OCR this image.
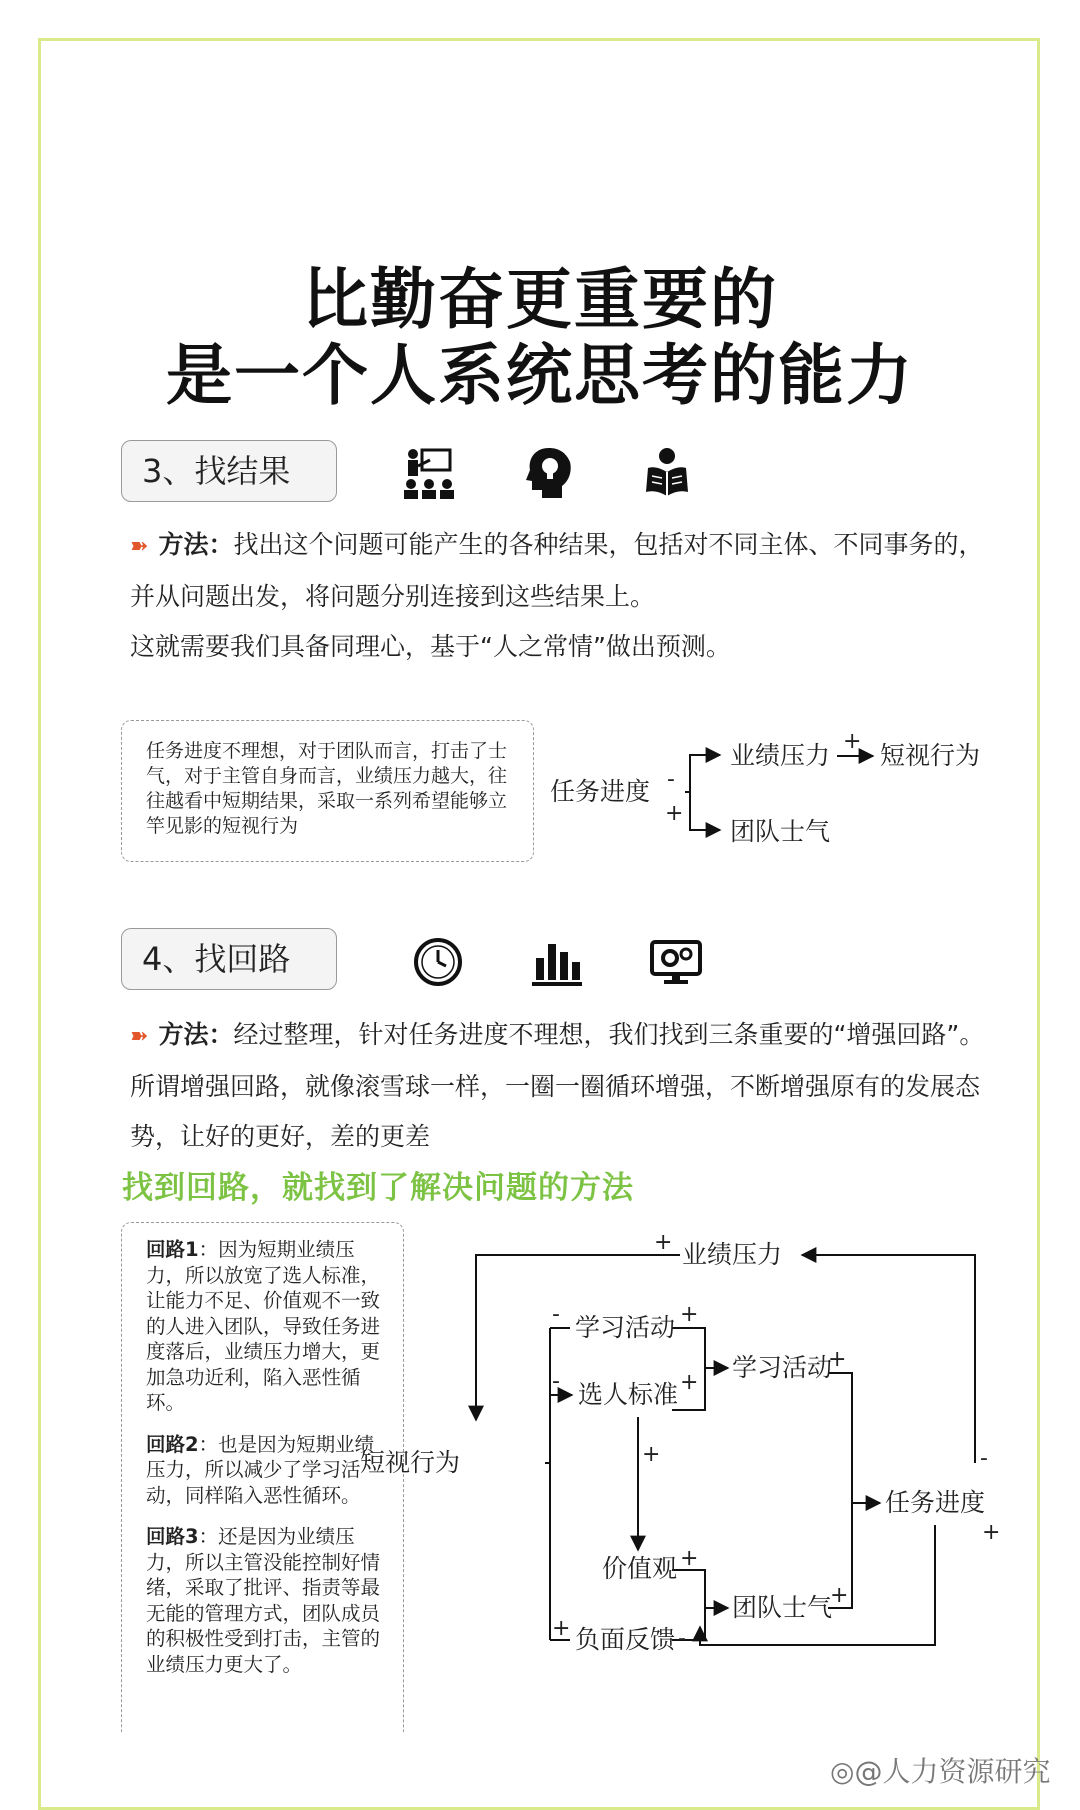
比勤奋更重要的
是一个人系统思考的能力
3、找结果

➽ 方法：找出这个问题可能产生的各种结果，包括对不同主体、不同事务的，并从问题出发，将问题分别连接到这些结果上。

这就需要我们具备同理心，基于“人之常情”做出预测。

任务进度不理想，对于团队而言，打击了士气，对于主管自身而言，业绩压力越大，往往越看中短期结果，采取一系列希望能够立竿见影的短视行为

任务进度 -
+
业绩压力 + 短视行为
团队士气
4、找回路

➽ 方法：经过整理，针对任务进度不理想，我们找到三条重要的“增强回路”。所谓增强回路，就像滚雪球一样，一圈一圈循环增强，不断增强原有的发展态势，让好的更好，差的更差

找到回路，就找到了解决问题的方法

回路1：因为短期业绩压力，所以放宽了选人标准，让能力不足、价值观不一致的人进入团队，导致任务进度落后，业绩压力增大，更加急功近利，陷入恶性循环。

回路2：也是因为短期业绩压力，所以减少了学习活动，同样陷入恶性循环。

回路3：还是因为业绩压力，所以主管没能控制好情绪，采取了批评、指责等最无能的管理方式，团队成员的积极性受到打击，主管的业绩压力更大了。

短视行为
业绩压力
学习活动
选人标准
学习活动
任务进度
价值观
团队士气
负面反馈
+
-	+
-	+
+
+	-
+
+
+
+	-
◎@人力资源研究
